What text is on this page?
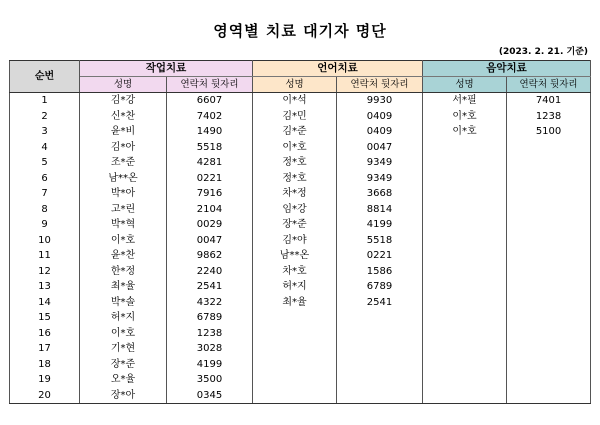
영역별 치료 대기자 명단
(2023. 2. 21. 기준)
순번	작업치료		언어치료		음악치료	
	성명	연락처 뒷자리	성명	연락처 뒷자리	성명	연락처 뒷자리
1	김*강	6607	이*석	9930	서*필	7401
2	신*찬	7402	김*민	0409	이*호	1238
3	윤*비	1490	김*준	0409	이*호	5100
4	김*아	5518	이*호	0047		
5	조*준	4281	정*호	9349		
6	남**온	0221	정*호	9349		
7	박*아	7916	차*정	3668		
8	고*린	2104	임*강	8814		
9	박*혁	0029	장*준	4199		
10	이*호	0047	김*야	5518		
11	윤*찬	9862	남**온	0221		
12	한*정	2240	차*호	1586		
13	최*율	2541	허*지	6789		
14	박*솔	4322	최*율	2541		
15	허*지	6789				
16	이*호	1238				
17	기*현	3028				
18	장*준	4199				
19	오*율	3500				
20	장*아	0345				
